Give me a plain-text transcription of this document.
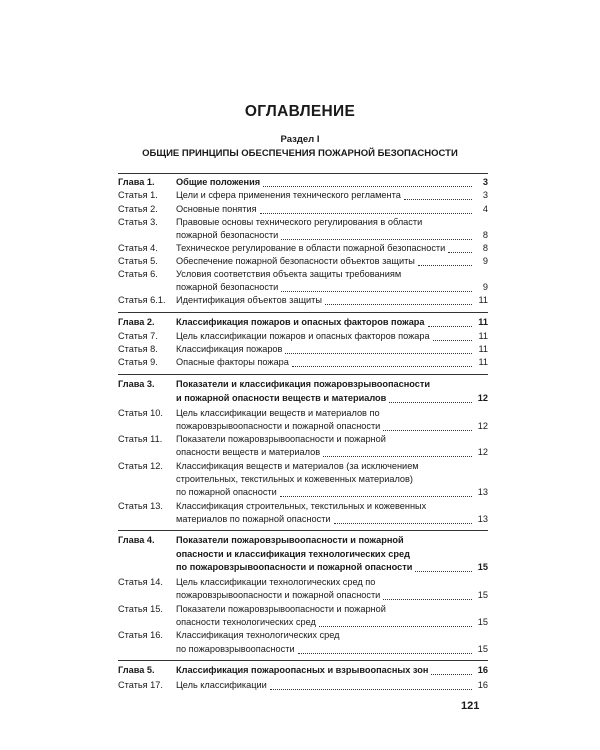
ОГЛАВЛЕНИЕ
Раздел I
ОБЩИЕ ПРИНЦИПЫ ОБЕСПЕЧЕНИЯ ПОЖАРНОЙ БЕЗОПАСНОСТИ
Глава 1. Общие положения	3
Статья 1. Цели и сфера применения технического регламента	3
Статья 2. Основные понятия	4
Статья 3. Правовые основы технического регулирования в области
пожарной безопасности	8
Статья 4. Техническое регулирование в области пожарной безопасности	8
Статья 5. Обеспечение пожарной безопасности объектов защиты	9
Статья 6. Условия соответствия объекта защиты требованиям
пожарной безопасности	9
Статья 6.1. Идентификация объектов защиты	11
Глава 2. Классификация пожаров и опасных факторов пожара	11
Статья 7. Цель классификации пожаров и опасных факторов пожара	11
Статья 8. Классификация пожаров	11
Статья 9. Опасные факторы пожара	11
Глава 3. Показатели и классификация пожаровзрывоопасности
и пожарной опасности веществ и материалов	12
Статья 10. Цель классификации веществ и материалов по
пожаровзрывоопасности и пожарной опасности	12
Статья 11. Показатели пожаровзрывоопасности и пожарной
опасности веществ и материалов	12
Статья 12. Классификация веществ и материалов (за исключением
строительных, текстильных и кожевенных материалов)
по пожарной опасности	13
Статья 13. Классификация строительных, текстильных и кожевенных
материалов по пожарной опасности	13
Глава 4. Показатели пожаровзрывоопасности и пожарной
опасности и классификация технологических сред
по пожаровзрывоопасности и пожарной опасности	15
Статья 14. Цель классификации технологических сред по
пожаровзрывоопасности и пожарной опасности	15
Статья 15. Показатели пожаровзрывоопасности и пожарной
опасности технологических сред	15
Статья 16. Классификация технологических сред
по пожаровзрывоопасности	15
Глава 5. Классификация пожароопасных и взрывоопасных зон	16
Статья 17. Цель классификации	16
121
